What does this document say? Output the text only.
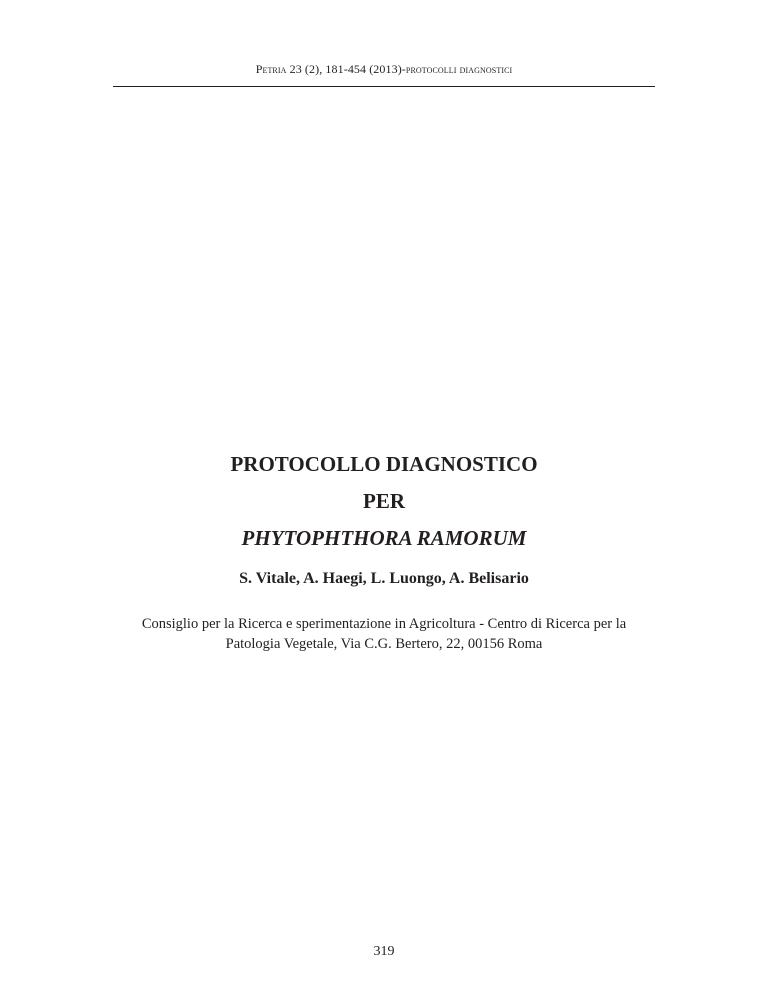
Petria 23 (2), 181-454 (2013)-protocolli diagnostici
PROTOCOLLO DIAGNOSTICO
PER
PHYTOPHTHORA RAMORUM
S. Vitale, A. Haegi, L. Luongo, A. Belisario
Consiglio per la Ricerca e sperimentazione in Agricoltura - Centro di Ricerca per la
Patologia Vegetale, Via C.G. Bertero, 22, 00156 Roma
319
